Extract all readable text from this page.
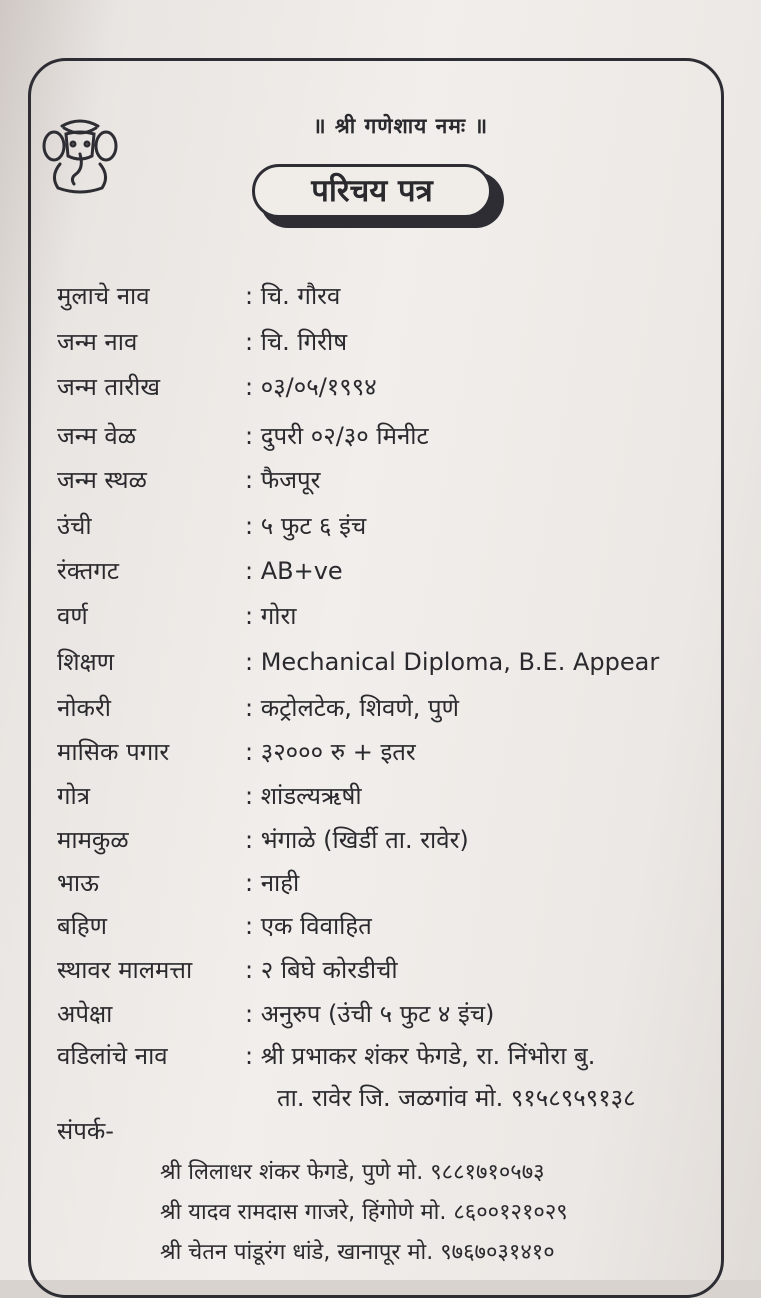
॥ श्री गणेशाय नमः ॥
परिचय पत्र
मुलाचे नाव	: चि. गौरव
जन्म नाव	: चि. गिरीष
जन्म तारीख	: ०३/०५/१९९४
जन्म वेळ	: दुपरी ०२/३० मिनीट
जन्म स्थळ	: फैजपूर
उंची	: ५ फुट ६ इंच
रंक्तगट	: AB+ve
वर्ण	: गोरा
शिक्षण	: Mechanical Diploma, B.E. Appear
नोकरी	: कट्रोलटेक, शिवणे, पुणे
मासिक पगार	: ३२००० रु + इतर
गोत्र	: शांडल्यऋषी
मामकुळ	: भंगाळे (खिर्डी ता. रावेर)
भाऊ	: नाही
बहिण	: एक विवाहित
स्थावर मालमत्ता : २ बिघे कोरडीची
अपेक्षा	: अनुरुप (उंची ५ फुट ४ इंच)
वडिलांचे नाव	: श्री प्रभाकर शंकर फेगडे, रा. निंभोरा बु.
ता. रावेर जि. जळगांव मो. ९१५८९५९१३८
संपर्क-
श्री लिलाधर शंकर फेगडे, पुणे मो. ९८८१७१०५७३
श्री यादव रामदास गाजरे, हिंगोणे मो. ८६००१२१०२९
श्री चेतन पांडूरंग धांडे, खानापूर मो. ९७६७०३१४१०
